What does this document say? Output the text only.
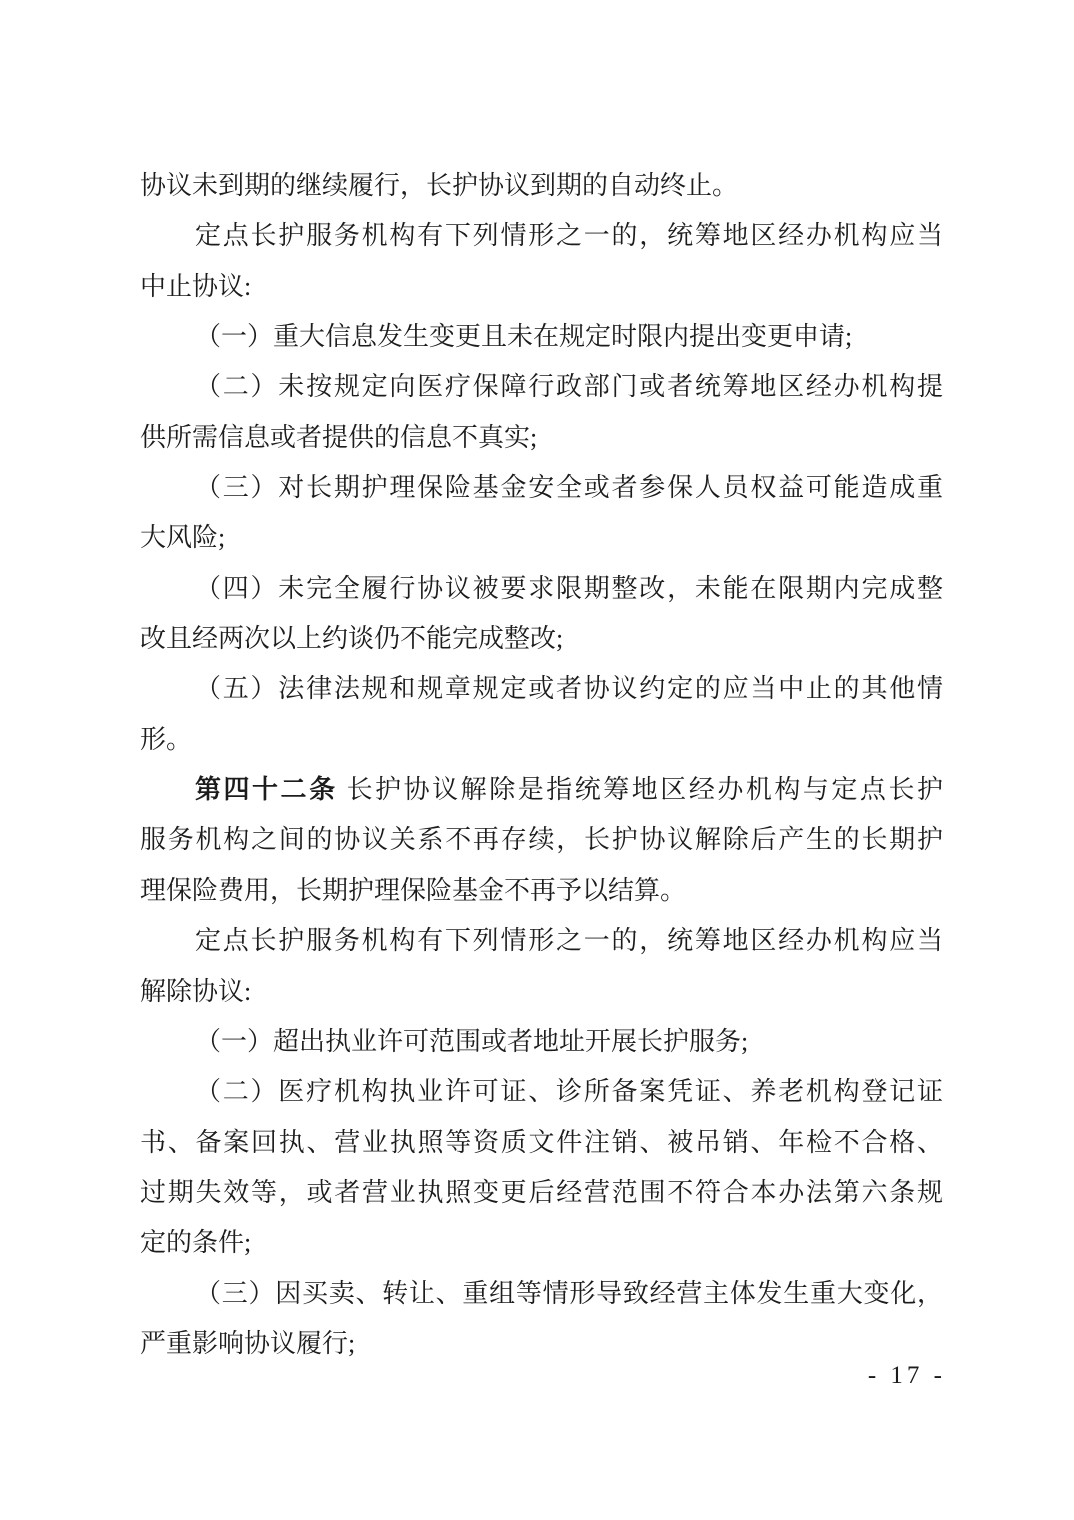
协议未到期的继续履行，长护协议到期的自动终止。
定点长护服务机构有下列情形之一的，统筹地区经办机构应当
中止协议:
（一）重大信息发生变更且未在规定时限内提出变更申请;
（二）未按规定向医疗保障行政部门或者统筹地区经办机构提
供所需信息或者提供的信息不真实;
（三）对长期护理保险基金安全或者参保人员权益可能造成重
大风险;
（四）未完全履行协议被要求限期整改，未能在限期内完成整
改且经两次以上约谈仍不能完成整改;
（五）法律法规和规章规定或者协议约定的应当中止的其他情
形。
第四十二条 长护协议解除是指统筹地区经办机构与定点长护
服务机构之间的协议关系不再存续，长护协议解除后产生的长期护
理保险费用，长期护理保险基金不再予以结算。
定点长护服务机构有下列情形之一的，统筹地区经办机构应当
解除协议:
（一）超出执业许可范围或者地址开展长护服务;
（二）医疗机构执业许可证、诊所备案凭证、养老机构登记证
书、备案回执、营业执照等资质文件注销、被吊销、年检不合格、
过期失效等，或者营业执照变更后经营范围不符合本办法第六条规
定的条件;
（三）因买卖、转让、重组等情形导致经营主体发生重大变化，
严重影响协议履行;
- 17 -
